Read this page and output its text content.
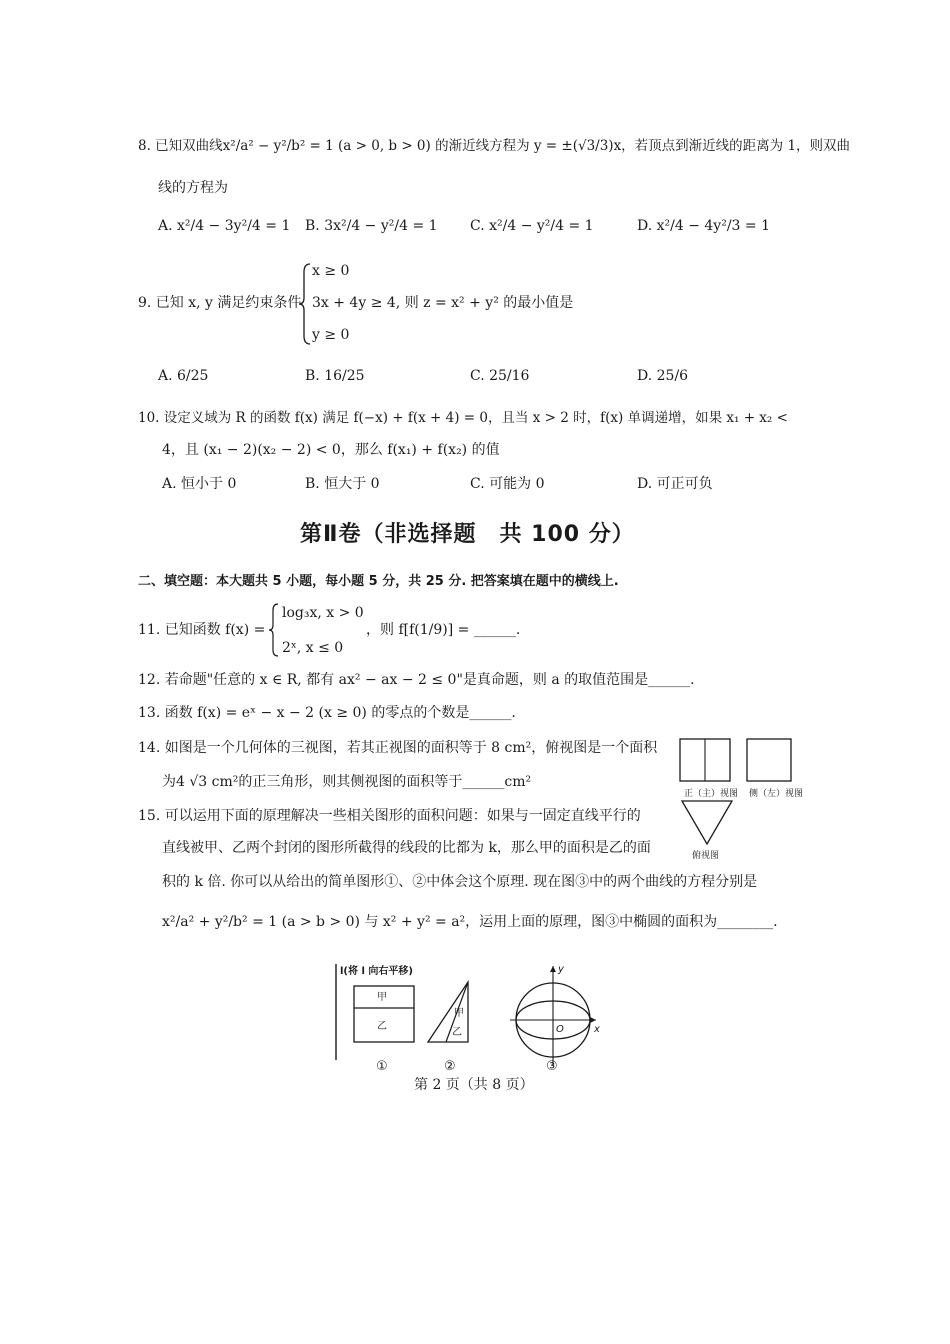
8. 已知双曲线x²/a² − y²/b² = 1 (a > 0, b > 0) 的渐近线方程为 y = ±(√3/3)x，若顶点到渐近线的距离为 1，则双曲
线的方程为
A. x²/4 − 3y²/4 = 1 B. 3x²/4 − y²/4 = 1 C. x²/4 − y²/4 = 1	D. x²/4 − 4y²/3 = 1
9. 已知 x, y 满足约束条件
x ≥ 0
3x + 4y ≥ 4, 则 z = x² + y² 的最小值是
y ≥ 0
A. 6/25	B. 16/25	C. 25/16	D. 25/6
10. 设定义域为 R 的函数 f(x) 满足 f(−x) + f(x + 4) = 0，且当 x > 2 时，f(x) 单调递增，如果 x₁ + x₂ <
4，且 (x₁ − 2)(x₂ − 2) < 0，那么 f(x₁) + f(x₂) 的值
A. 恒小于 0	B. 恒大于 0	C. 可能为 0	D. 可正可负
第Ⅱ卷（非选择题　共 100 分）
二、填空题：本大题共 5 小题，每小题 5 分，共 25 分. 把答案填在题中的横线上.
11. 已知函数 f(x) =
log₃x, x > 0
2ˣ, x ≤ 0
，则 f[f(1/9)] = ______.
12. 若命题"任意的 x ∈ R, 都有 ax² − ax − 2 ≤ 0"是真命题，则 a 的取值范围是______.
13. 函数 f(x) = eˣ − x − 2 (x ≥ 0) 的零点的个数是______.
14. 如图是一个几何体的三视图，若其正视图的面积等于 8 cm²，俯视图是一个面积
为4 √3 cm²的正三角形，则其侧视图的面积等于______cm²
正（主）视图 侧（左）视图
俯视图
15. 可以运用下面的原理解决一些相关图形的面积问题：如果与一固定直线平行的
直线被甲、乙两个封闭的图形所截得的线段的比都为 k，那么甲的面积是乙的面
积的 k 倍. 你可以从给出的简单图形①、②中体会这个原理. 现在图③中的两个曲线的方程分别是
x²/a² + y²/b² = 1 (a > b > 0) 与 x² + y² = a²，运用上面的原理，图③中椭圆的面积为________.
l(将 l 向右平移)
甲
乙
甲
乙
y
x
O
①	②	③
第 2 页（共 8 页）
